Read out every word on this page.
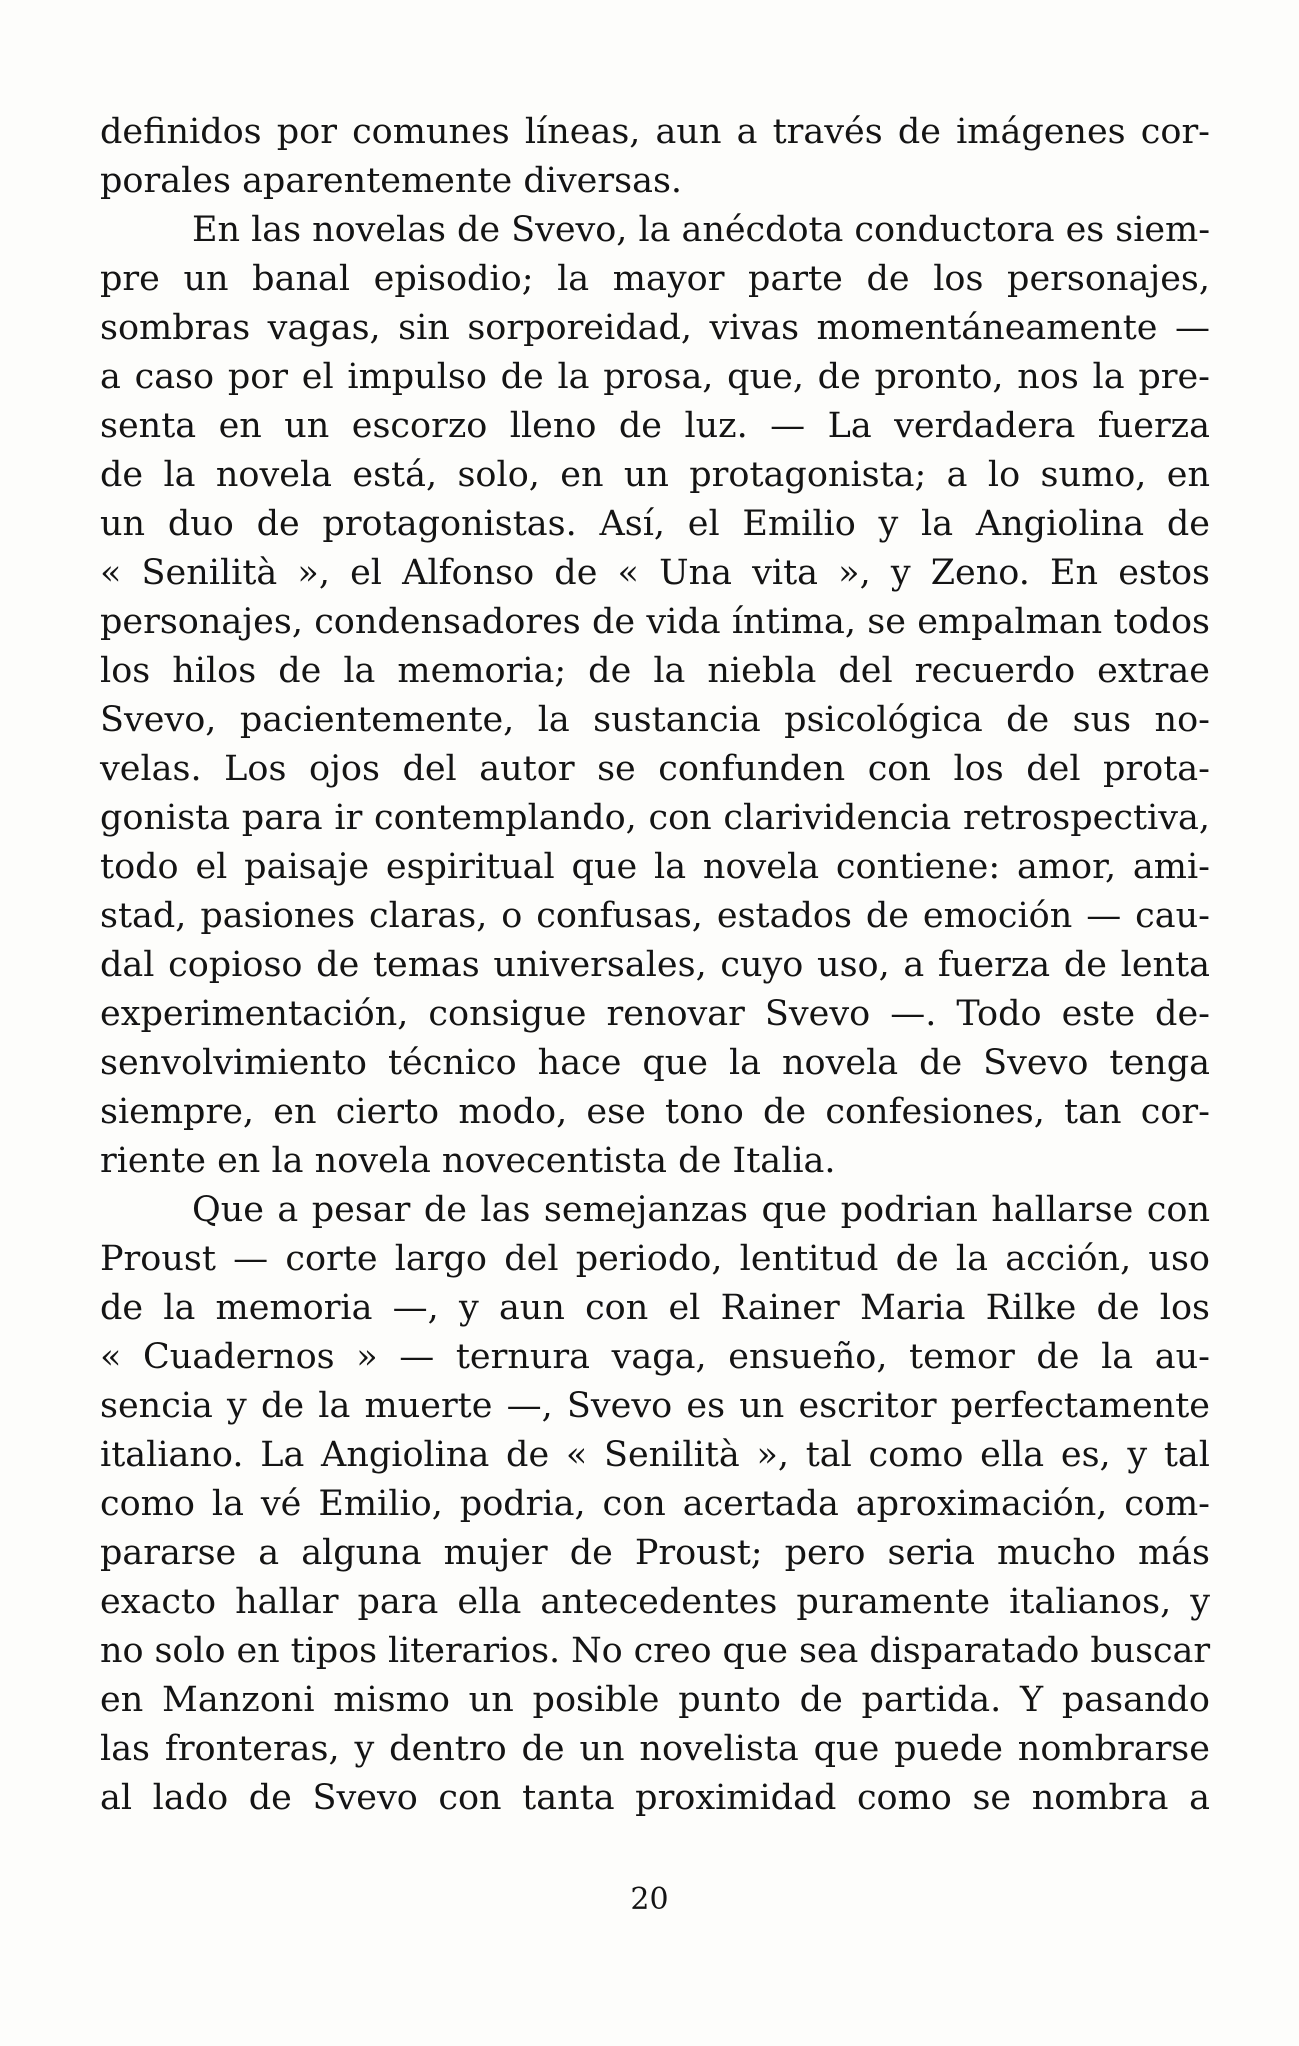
definidos por comunes líneas, aun a través de imágenes cor-
porales aparentemente diversas.
En las novelas de Svevo, la anécdota conductora es siem-
pre un banal episodio; la mayor parte de los personajes,
sombras vagas, sin sorporeidad, vivas momentáneamente —
a caso por el impulso de la prosa, que, de pronto, nos la pre-
senta en un escorzo lleno de luz. — La verdadera fuerza
de la novela está, solo, en un protagonista; a lo sumo, en
un duo de protagonistas. Así, el Emilio y la Angiolina de
« Senilità », el Alfonso de « Una vita », y Zeno. En estos
personajes, condensadores de vida íntima, se empalman todos
los hilos de la memoria; de la niebla del recuerdo extrae
Svevo, pacientemente, la sustancia psicológica de sus no-
velas. Los ojos del autor se confunden con los del prota-
gonista para ir contemplando, con clarividencia retrospectiva,
todo el paisaje espiritual que la novela contiene: amor, ami-
stad, pasiones claras, o confusas, estados de emoción — cau-
dal copioso de temas universales, cuyo uso, a fuerza de lenta
experimentación, consigue renovar Svevo —. Todo este de-
senvolvimiento técnico hace que la novela de Svevo tenga
siempre, en cierto modo, ese tono de confesiones, tan cor-
riente en la novela novecentista de Italia.
Que a pesar de las semejanzas que podrian hallarse con
Proust — corte largo del periodo, lentitud de la acción, uso
de la memoria —, y aun con el Rainer Maria Rilke de los
« Cuadernos » — ternura vaga, ensueño, temor de la au-
sencia y de la muerte —, Svevo es un escritor perfectamente
italiano. La Angiolina de « Senilità », tal como ella es, y tal
como la vé Emilio, podria, con acertada aproximación, com-
pararse a alguna mujer de Proust; pero seria mucho más
exacto hallar para ella antecedentes puramente italianos, y
no solo en tipos literarios. No creo que sea disparatado buscar
en Manzoni mismo un posible punto de partida. Y pasando
las fronteras, y dentro de un novelista que puede nombrarse
al lado de Svevo con tanta proximidad como se nombra a
20
